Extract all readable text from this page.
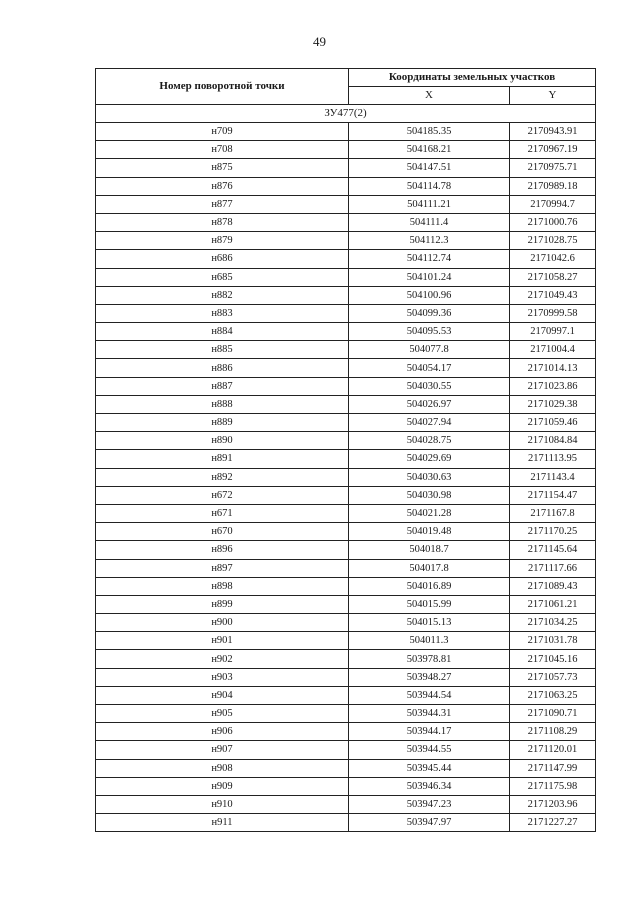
49
Номер поворотной точки	Координаты земельных участков	
	X	Y
ЗУ477(2)		
н709	504185.35	2170943.91
н708	504168.21	2170967.19
н875	504147.51	2170975.71
н876	504114.78	2170989.18
н877	504111.21	2170994.7
н878	504111.4	2171000.76
н879	504112.3	2171028.75
н686	504112.74	2171042.6
н685	504101.24	2171058.27
н882	504100.96	2171049.43
н883	504099.36	2170999.58
н884	504095.53	2170997.1
н885	504077.8	2171004.4
н886	504054.17	2171014.13
н887	504030.55	2171023.86
н888	504026.97	2171029.38
н889	504027.94	2171059.46
н890	504028.75	2171084.84
н891	504029.69	2171113.95
н892	504030.63	2171143.4
н672	504030.98	2171154.47
н671	504021.28	2171167.8
н670	504019.48	2171170.25
н896	504018.7	2171145.64
н897	504017.8	2171117.66
н898	504016.89	2171089.43
н899	504015.99	2171061.21
н900	504015.13	2171034.25
н901	504011.3	2171031.78
н902	503978.81	2171045.16
н903	503948.27	2171057.73
н904	503944.54	2171063.25
н905	503944.31	2171090.71
н906	503944.17	2171108.29
н907	503944.55	2171120.01
н908	503945.44	2171147.99
н909	503946.34	2171175.98
н910	503947.23	2171203.96
н911	503947.97	2171227.27
